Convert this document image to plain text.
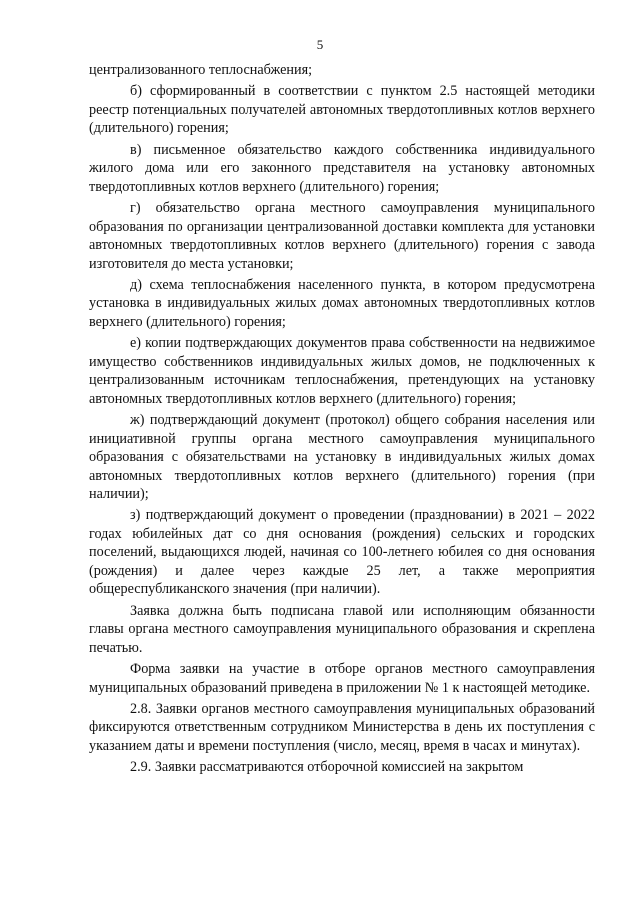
5

централизованного теплоснабжения;

б) сформированный в соответствии с пунктом 2.5 настоящей методики реестр потенциальных получателей автономных твердотопливных котлов верхнего (длительного) горения;

в) письменное обязательство каждого собственника индивидуального жилого дома или его законного представителя на установку автономных твердотопливных котлов верхнего (длительного) горения;

г) обязательство органа местного самоуправления муниципального образования по организации централизованной доставки комплекта для установки автономных твердотопливных котлов верхнего (длительного) горения с завода изготовителя до места установки;

д) схема теплоснабжения населенного пункта, в котором предусмотрена установка в индивидуальных жилых домах автономных твердотопливных котлов верхнего (длительного) горения;

е) копии подтверждающих документов права собственности на недвижимое имущество собственников индивидуальных жилых домов, не подключенных к централизованным источникам теплоснабжения, претендующих на установку автономных твердотопливных котлов верхнего (длительного) горения;

ж) подтверждающий документ (протокол) общего собрания населения или инициативной группы органа местного самоуправления муниципального образования с обязательствами на установку в индивидуальных жилых домах автономных твердотопливных котлов верхнего (длительного) горения (при наличии);

з) подтверждающий документ о проведении (праздновании) в 2021 – 2022 годах юбилейных дат со дня основания (рождения) сельских и городских поселений, выдающихся людей, начиная со 100-летнего юбилея со дня основания (рождения) и далее через каждые 25 лет, а также мероприятия общереспубликанского значения (при наличии).

Заявка должна быть подписана главой или исполняющим обязанности главы органа местного самоуправления муниципального образования и скреплена печатью.

Форма заявки на участие в отборе органов местного самоуправления муниципальных образований приведена в приложении № 1 к настоящей методике.

2.8. Заявки органов местного самоуправления муниципальных образований фиксируются ответственным сотрудником Министерства в день их поступления с указанием даты и времени поступления (число, месяц, время в часах и минутах).

2.9. Заявки рассматриваются отборочной комиссией на закрытом
